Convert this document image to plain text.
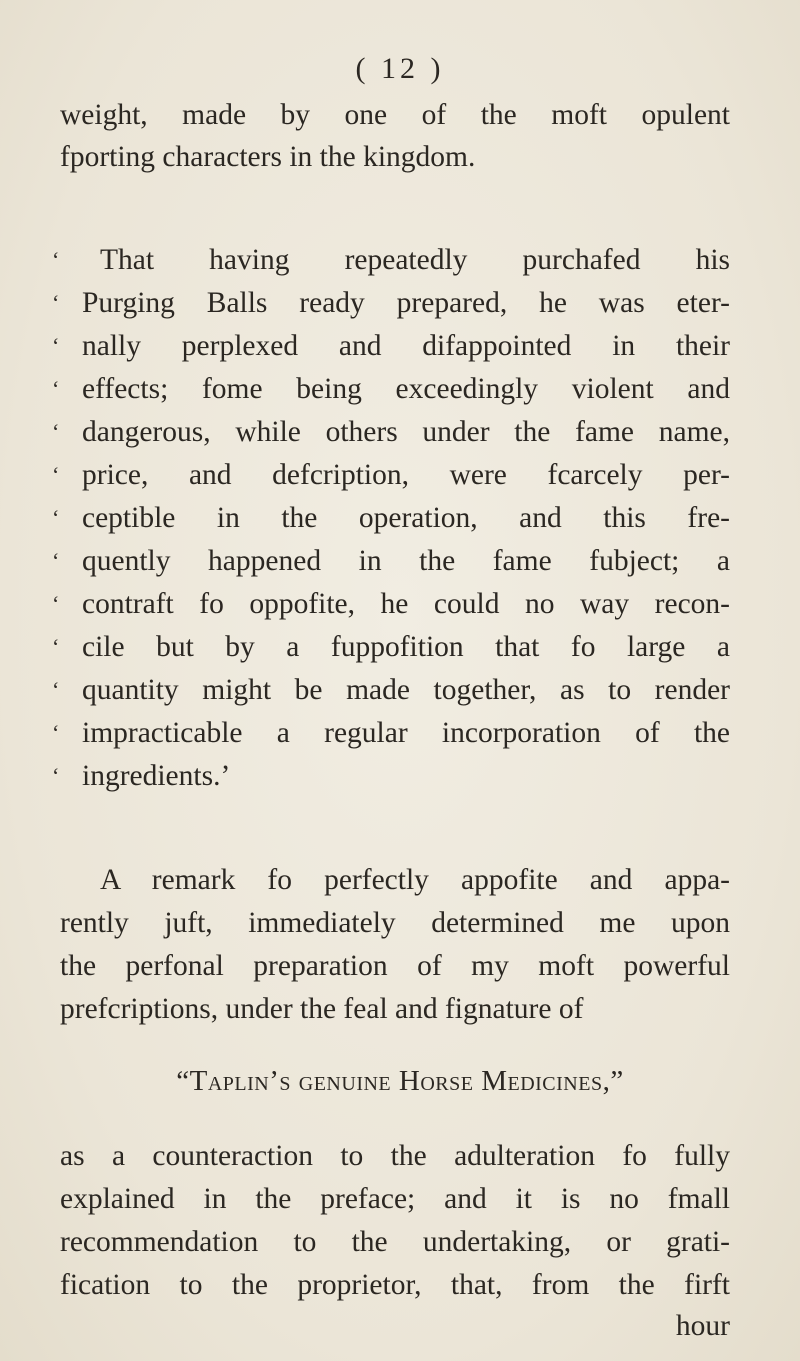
( 12 )
weight, made by one of the moft opulent
fporting characters in the kingdom.
‘ That having repeatedly purchafed his
‘ Purging Balls ready prepared, he was eter-
‘ nally perplexed and difappointed in their
‘ effects; fome being exceedingly violent and
‘ dangerous, while others under the fame name,
‘ price, and defcription, were fcarcely per-
‘ ceptible in the operation, and this fre-
‘ quently happened in the fame fubject; a
‘ contraft fo oppofite, he could no way recon-
‘ cile but by a fuppofition that fo large a
‘ quantity might be made together, as to render
‘ impracticable a regular incorporation of the
‘ ingredients.’
A remark fo perfectly appofite and appa-
rently juft, immediately determined me upon
the perfonal preparation of my moft powerful
prefcriptions, under the feal and fignature of
“Taplin’s genuine Horse Medicines,”
as a counteraction to the adulteration fo fully
explained in the preface; and it is no fmall
recommendation to the undertaking, or grati-
fication to the proprietor, that, from the firft
hour
